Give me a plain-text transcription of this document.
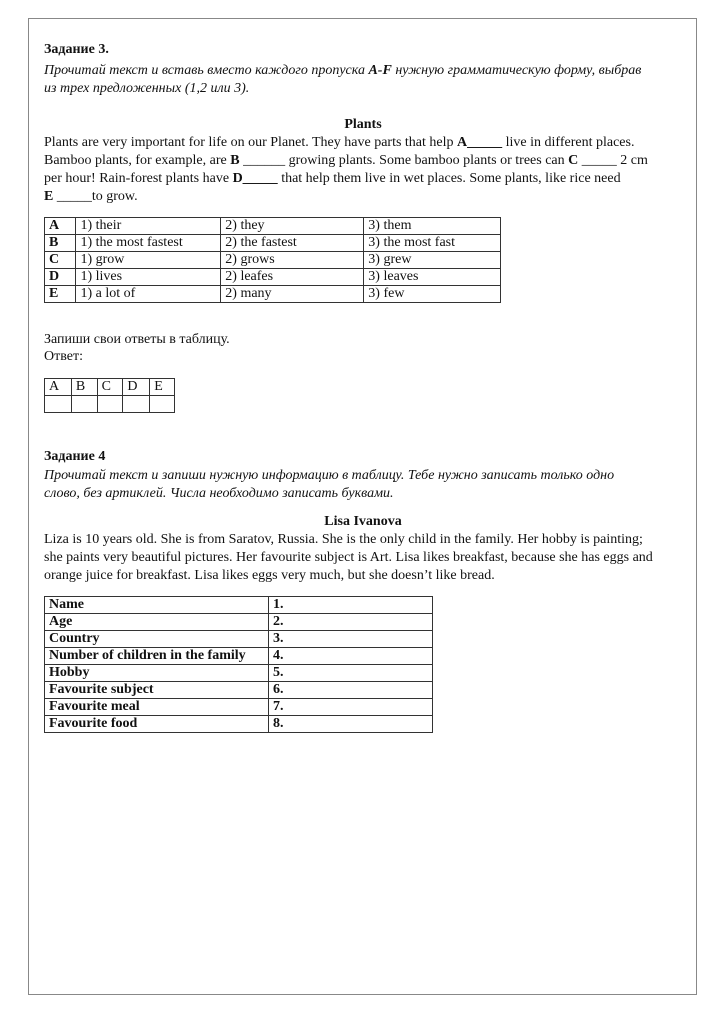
Задание 3.
Прочитай текст и вставь вместо каждого пропуска A-F нужную грамматическую форму, выбрав
из трех предложенных (1,2 или 3).
Plants
Plants are very important for life on our Planet. They have parts that help A_____ live in different places.
Bamboo plants, for example, are B ______ growing plants. Some bamboo plants or trees can C _____ 2 cm
per hour! Rain-forest plants have D_____ that help them live in wet places. Some plants, like rice need
E _____to grow.
A	1) their	2) they	3) them
B	1) the most fastest	2) the fastest	3) the most fast
C	1) grow	2) grows	3) grew
D	1) lives	2) leafes	3) leaves
E	1) a lot of	2) many	3) few
Запиши свои ответы в таблицу.
Ответ:
A	B	C	D	E

Задание 4
Прочитай текст и запиши нужную информацию в таблицу. Тебе нужно записать только одно
слово, без артиклей. Числа необходимо записать буквами.
Lisa Ivanova
Liza is 10 years old. She is from Saratov, Russia. She is the only child in the family. Her hobby is painting;
she paints very beautiful pictures. Her favourite subject is Art. Lisa likes breakfast, because she has eggs and
orange juice for breakfast. Lisa likes eggs very much, but she doesn’t like bread.
Name	1.
Age	2.
Country	3.
Number of children in the family	4.
Hobby	5.
Favourite subject	6.
Favourite meal	7.
Favourite food	8.
